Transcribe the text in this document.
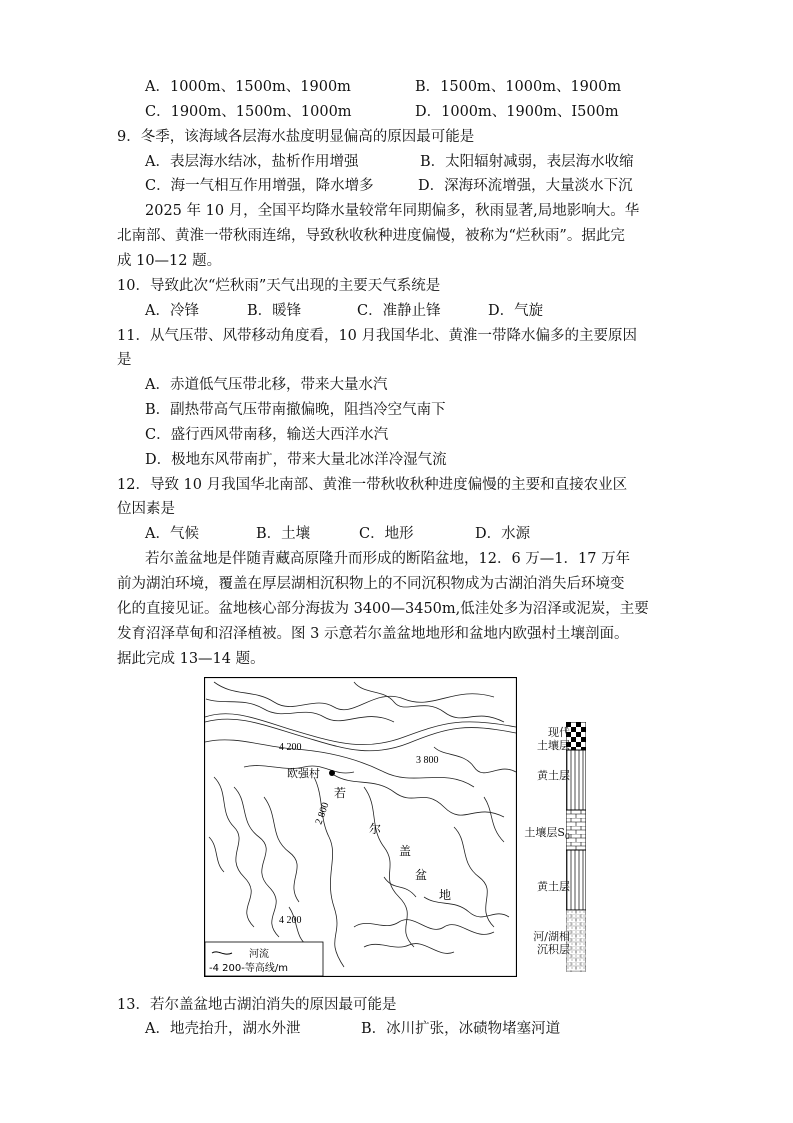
A．1000m、1500m、1900m	B．1500m、1000m、1900m
C．1900m、1500m、1000m	D．1000m、1900m、I500m
9．冬季，该海域各层海水盐度明显偏高的原因最可能是
A．表层海水结冰，盐析作用增强	B．太阳辐射减弱，表层海水收缩
C．海一气相互作用增强，降水增多	D．深海环流增强，大量淡水下沉
2025 年 10 月，全国平均降水量较常年同期偏多，秋雨显著,局地影响大。华
北南部、黄淮一带秋雨连绵，导致秋收秋种进度偏慢，被称为“烂秋雨”。据此完
成 10—12 题。
10．导致此次“烂秋雨”天气出现的主要天气系统是
A．冷锋	B．暖锋	C．准静止锋	D．气旋
11．从气压带、风带移动角度看，10 月我国华北、黄淮一带降水偏多的主要原因
是
A．赤道低气压带北移，带来大量水汽
B．副热带高气压带南撤偏晚，阻挡冷空气南下
C．盛行西风带南移，输送大西洋水汽
D．极地东风带南扩，带来大量北冰洋冷湿气流
12．导致 10 月我国华北南部、黄淮一带秋收秋种进度偏慢的主要和直接农业区
位因素是
A．气候	B．土壤	C．地形	D．水源
若尔盖盆地是伴随青藏高原隆升而形成的断陷盆地，12．6 万—1．17 万年
前为湖泊环境，覆盖在厚层湖相沉积物上的不同沉积物成为古湖泊消失后环境变
化的直接见证。盆地核心部分海拔为 3400—3450m,低洼处多为沼泽或泥炭，主要
发育沼泽草甸和沼泽植被。图 3 示意若尔盖盆地地形和盆地内欧强村土壤剖面。
据此完成 13—14 题。
4 200
3 800
2 800
4 200
欧强村
若
尔
盖
盆
地
河流
-4 200-等高线/m
现代
土壤层
黄土层
土壤层$S_0$
黄土层
河/湖相
沉积层
13．若尔盖盆地古湖泊消失的原因最可能是
A．地壳抬升，湖水外泄	B．冰川扩张，冰碛物堵塞河道
